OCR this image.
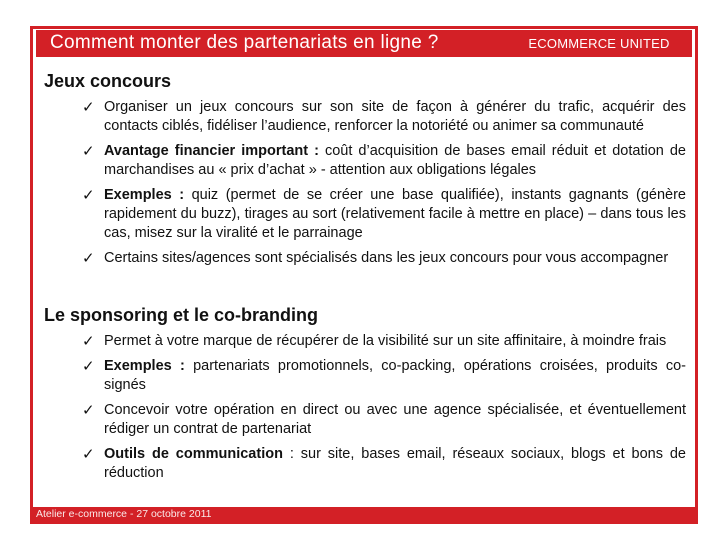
Comment monter des partenariats en ligne ?	ECOMMERCE UNITED
Jeux concours
✓ Organiser un jeux concours sur son site de façon à générer du trafic, acquérir des contacts ciblés, fidéliser l’audience, renforcer la notoriété ou animer sa communauté
✓ Avantage financier important : coût d’acquisition de bases email réduit et dotation de marchandises au « prix d’achat » - attention aux obligations légales
✓ Exemples : quiz (permet de se créer une base qualifiée), instants gagnants (génère rapidement du buzz), tirages au sort (relativement facile à mettre en place) – dans tous les cas, misez sur la viralité et le parrainage
✓ Certains sites/agences sont spécialisés dans les jeux concours pour vous accompagner
Le sponsoring et le co-branding
✓ Permet à votre marque de récupérer de la visibilité sur un site affinitaire, à moindre frais
✓ Exemples : partenariats promotionnels, co-packing, opérations croisées, produits co-signés
✓ Concevoir votre opération en direct ou avec une agence spécialisée, et éventuellement rédiger un contrat de partenariat
✓ Outils de communication : sur site, bases email, réseaux sociaux, blogs et bons de réduction
Atelier e-commerce - 27 octobre 2011
